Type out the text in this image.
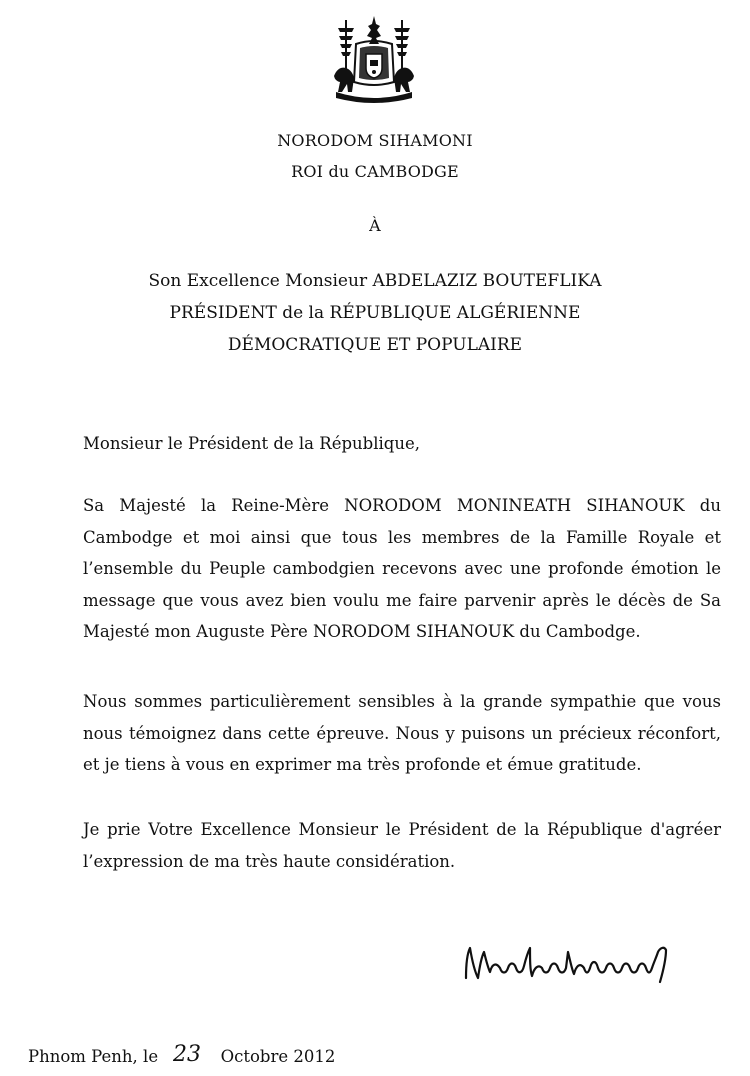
NORODOM SIHAMONI
ROI du CAMBODGE
À
Son Excellence Monsieur ABDELAZIZ BOUTEFLIKA
PRÉSIDENT de la RÉPUBLIQUE ALGÉRIENNE
DÉMOCRATIQUE ET POPULAIRE
Monsieur le Président de la République,

Sa Majesté la Reine-Mère NORODOM MONINEATH SIHANOUK du Cambodge et moi ainsi que tous les membres de la Famille Royale et l’ensemble du Peuple cambodgien recevons avec une profonde émotion le message que vous avez bien voulu me faire parvenir après le décès de Sa Majesté mon Auguste Père NORODOM SIHANOUK du Cambodge.

Nous sommes particulièrement sensibles à la grande sympathie que vous nous témoignez dans cette épreuve. Nous y puisons un précieux réconfort, et je tiens à vous en exprimer ma très profonde et émue gratitude.

Je prie Votre Excellence Monsieur le Président de la République d'agréer l’expression de ma très haute considération.

Phnom Penh, le 23 Octobre 2012
